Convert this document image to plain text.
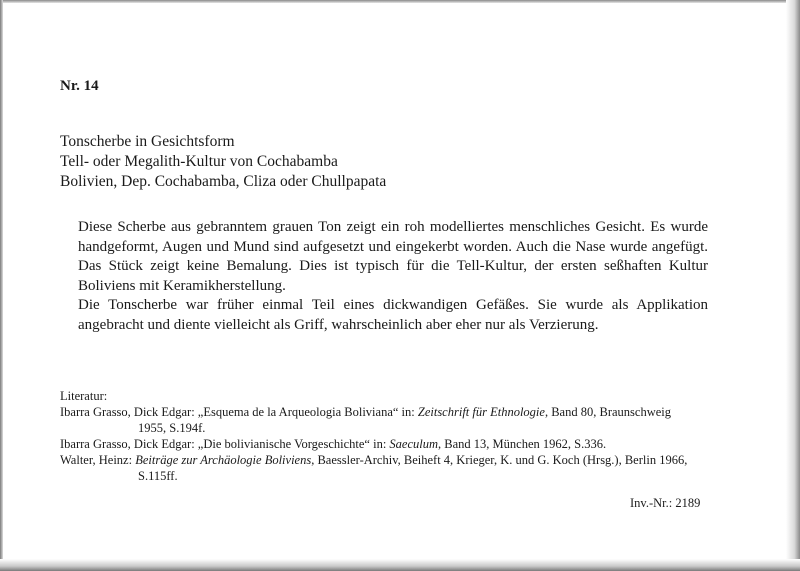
Nr. 14
Tonscherbe in Gesichtsform
Tell- oder Megalith-Kultur von Cochabamba
Bolivien, Dep. Cochabamba, Cliza oder Chullpapata

Diese Scherbe aus gebranntem grauen Ton zeigt ein roh modelliertes menschliches Gesicht. Es wurde handgeformt, Augen und Mund sind aufgesetzt und eingekerbt worden. Auch die Nase wurde angefügt. Das Stück zeigt keine Bemalung. Dies ist typisch für die Tell-Kultur, der ersten seßhaften Kultur Boliviens mit Keramikherstellung.

Die Tonscherbe war früher einmal Teil eines dickwandigen Gefäßes. Sie wurde als Applikation angebracht und diente vielleicht als Griff, wahrscheinlich aber eher nur als Verzierung.

Literatur:

Ibarra Grasso, Dick Edgar: „Esquema de la Arqueologia Boliviana“ in: Zeitschrift für Ethnologie, Band 80, Braunschweig 1955, S.194f.

Ibarra Grasso, Dick Edgar: „Die bolivianische Vorgeschichte“ in: Saeculum, Band 13, München 1962, S.336.

Walter, Heinz: Beiträge zur Archäologie Boliviens, Baessler-Archiv, Beiheft 4, Krieger, K. und G. Koch (Hrsg.), Berlin 1966, S.115ff.

Inv.-Nr.: 2189
